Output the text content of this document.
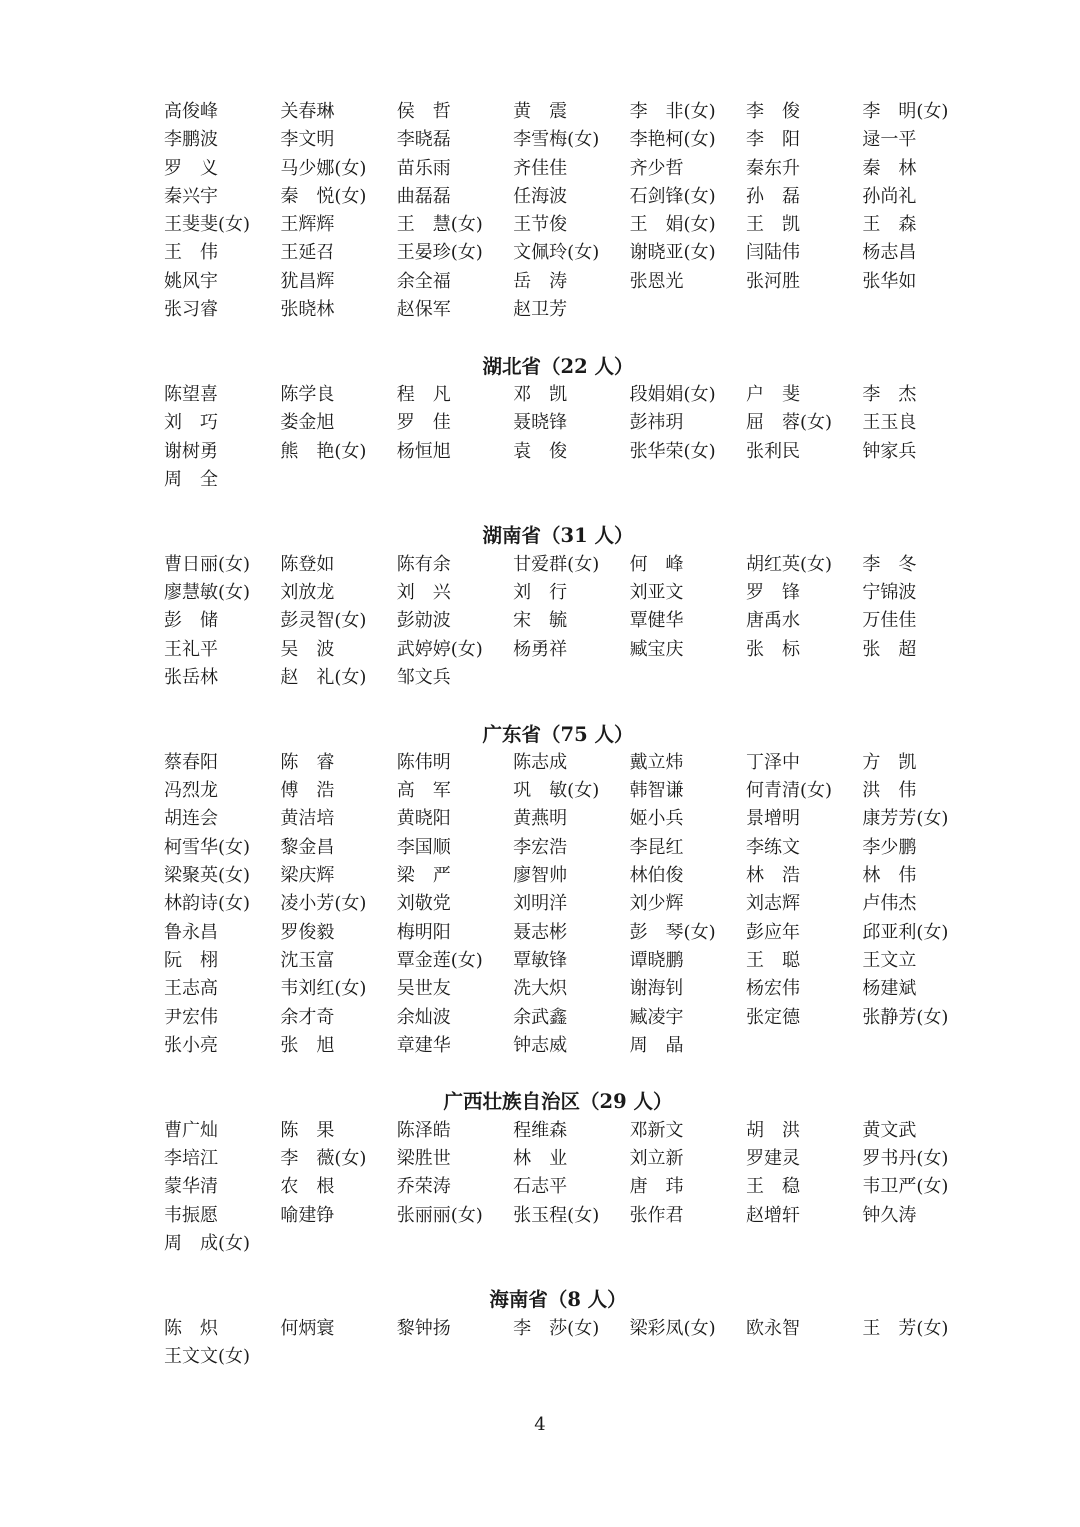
高俊峰	关春琳	侯　哲	黄　震	李　非(女)	李　俊	李　明(女)
李鹏波	李文明	李晓磊	李雪梅(女)	李艳柯(女)	李　阳	逯一平
罗　义	马少娜(女)	苗乐雨	齐佳佳	齐少哲	秦东升	秦　林
秦兴宇	秦　悦(女)	曲磊磊	任海波	石剑锋(女)	孙　磊	孙尚礼
王斐斐(女)	王辉辉	王　慧(女)	王节俊	王　娟(女)	王　凯	王　森
王　伟	王延召	王晏珍(女)	文佩玲(女)	谢晓亚(女)	闫陆伟	杨志昌
姚风宇	犹昌辉	余全福	岳　涛	张恩光	张河胜	张华如
张习睿	张晓林	赵保军	赵卫芳
湖北省（22 人）
陈望喜	陈学良	程　凡	邓　凯	段娟娟(女)	户　斐	李　杰
刘　巧	娄金旭	罗　佳	聂晓锋	彭祎玥	屈　蓉(女)	王玉良
谢树勇	熊　艳(女)	杨恒旭	袁　俊	张华荣(女)	张利民	钟家兵
周　全
湖南省（31 人）
曹日丽(女)	陈登如	陈有余	甘爱群(女)	何　峰	胡红英(女)	李　冬
廖慧敏(女)	刘放龙	刘　兴	刘　行	刘亚文	罗　锋	宁锦波
彭　储	彭灵智(女)	彭勍波	宋　毓	覃健华	唐禹水	万佳佳
王礼平	吴　波	武婷婷(女)	杨勇祥	臧宝庆	张　标	张　超
张岳林	赵　礼(女)	邹文兵
广东省（75 人）
蔡春阳	陈　睿	陈伟明	陈志成	戴立炜	丁泽中	方　凯
冯烈龙	傅　浩	高　军	巩　敏(女)	韩智谦	何青清(女)	洪　伟
胡连会	黄洁培	黄晓阳	黄燕明	姬小兵	景增明	康芳芳(女)
柯雪华(女)	黎金昌	李国顺	李宏浩	李昆红	李练文	李少鹏
梁聚英(女)	梁庆辉	梁　严	廖智帅	林伯俊	林　浩	林　伟
林韵诗(女)	凌小芳(女)	刘敬党	刘明洋	刘少辉	刘志辉	卢伟杰
鲁永昌	罗俊毅	梅明阳	聂志彬	彭　琴(女)	彭应年	邱亚利(女)
阮　栩	沈玉富	覃金莲(女)	覃敏锋	谭晓鹏	王　聪	王文立
王志高	韦刘红(女)	吴世友	冼大炽	谢海钊	杨宏伟	杨建斌
尹宏伟	余才奇	余灿波	余武鑫	臧凌宇	张定德	张静芳(女)
张小亮	张　旭	章建华	钟志威	周　晶
广西壮族自治区（29 人）
曹广灿	陈　果	陈泽皓	程维森	邓新文	胡　洪	黄文武
李培江	李　薇(女)	梁胜世	林　业	刘立新	罗建灵	罗书丹(女)
蒙华清	农　根	乔荣涛	石志平	唐　玮	王　稳	韦卫严(女)
韦振愿	喻建铮	张丽丽(女)	张玉程(女)	张作君	赵增轩	钟久涛
周　成(女)
海南省（8 人）
陈　炽	何炳寰	黎钟扬	李　莎(女)	梁彩凤(女)	欧永智	王　芳(女)
王文文(女)
4
